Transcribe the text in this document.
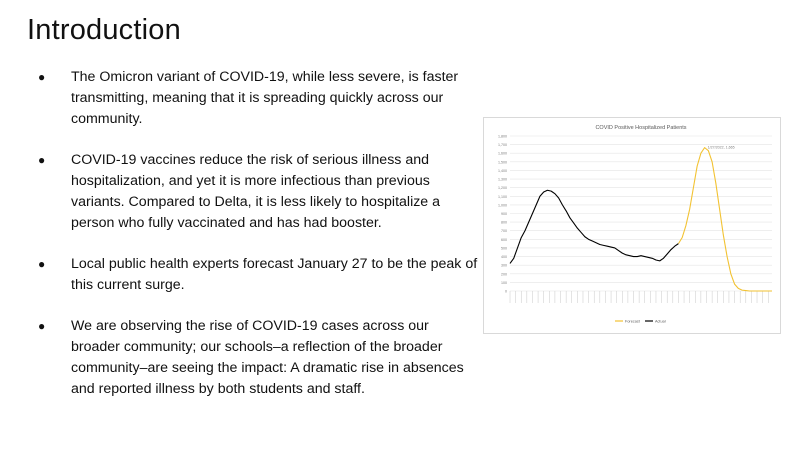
Introduction
●	The Omicron variant of COVID-19, while less severe, is faster transmitting, meaning that it is spreading quickly across our community.
●	COVID-19 vaccines reduce the risk of serious illness and hospitalization, and yet it is more infectious than previous variants. Compared to Delta, it is less likely to hospitalize a person who fully vaccinated and has had booster.
●	Local public health experts forecast January 27 to be the peak of this current surge.
●	We are observing the rise of COVID-19 cases across our broader community; our schools–a reflection of the broader community–are seeing the impact: A dramatic rise in absences and reported illness by both students and staff.
COVID Positive Hospitalized Patients
0
100
200
300
400
500
600
700
800
900
1,000
1,100
1,200
1,300
1,400
1,500
1,600
1,700
1,800
1/27/2022, 1,665
Forecast	Actual
